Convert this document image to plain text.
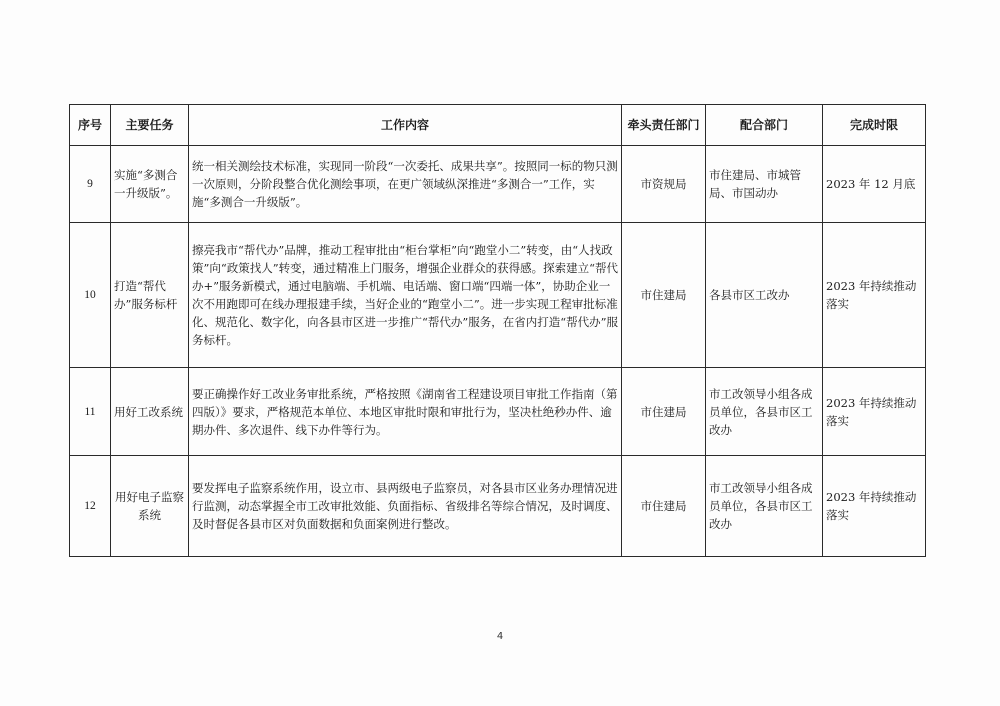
序号	主要任务	工作内容	牵头责任部门	配合部门	完成时限
9	实施“多测合一升级版”。	统一相关测绘技术标准，实现同一阶段“一次委托、成果共享”。按照同一标的物只测一次原则，分阶段整合优化测绘事项，在更广领域纵深推进“多测合一”工作，实施“多测合一升级版”。	市资规局	市住建局、市城管局、市国动办	2023 年 12 月底
10	打造“帮代办”服务标杆	擦亮我市“帮代办”品牌，推动工程审批由“柜台掌柜”向“跑堂小二”转变，由“人找政策”向“政策找人”转变，通过精准上门服务，增强企业群众的获得感。探索建立“帮代办+”服务新模式，通过电脑端、手机端、电话端、窗口端“四端一体”，协助企业一次不用跑即可在线办理报建手续，当好企业的“跑堂小二”。进一步实现工程审批标准化、规范化、数字化，向各县市区进一步推广“帮代办”服务，在省内打造“帮代办”服务标杆。	市住建局	各县市区工改办	2023 年持续推动落实
11	用好工改系统	要正确操作好工改业务审批系统，严格按照《湖南省工程建设项目审批工作指南（第四版）》要求，严格规范本单位、本地区审批时限和审批行为，坚决杜绝秒办件、逾期办件、多次退件、线下办件等行为。	市住建局	市工改领导小组各成员单位，各县市区工改办	2023 年持续推动落实
12	用好电子监察系统	要发挥电子监察系统作用，设立市、县两级电子监察员，对各县市区业务办理情况进行监测，动态掌握全市工改审批效能、负面指标、省级排名等综合情况，及时调度、及时督促各县市区对负面数据和负面案例进行整改。	市住建局	市工改领导小组各成员单位，各县市区工改办	2023 年持续推动落实
4
